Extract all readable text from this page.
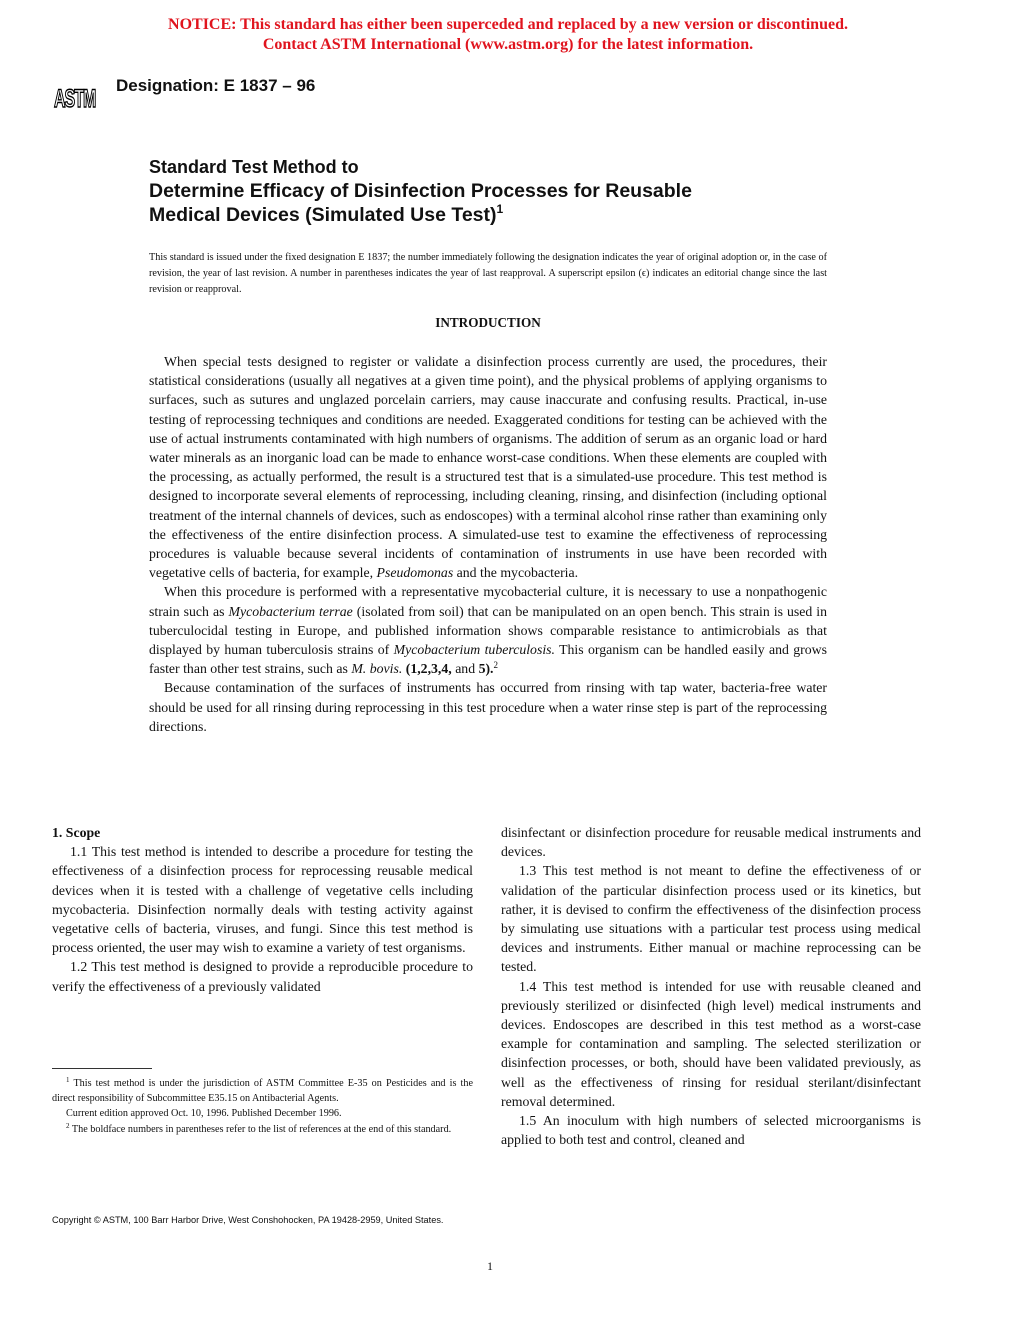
NOTICE: This standard has either been superceded and replaced by a new version or discontinued.
Contact ASTM International (www.astm.org) for the latest information.
ASTM
Designation: E 1837 – 96
Standard Test Method to
Determine Efficacy of Disinfection Processes for Reusable
Medical Devices (Simulated Use Test)$^1$
This standard is issued under the fixed designation E 1837; the number immediately following the designation indicates the year of original adoption or, in the case of revision, the year of last revision. A number in parentheses indicates the year of last reapproval. A superscript epsilon (ϵ) indicates an editorial change since the last revision or reapproval.
INTRODUCTION

When special tests designed to register or validate a disinfection process currently are used, the procedures, their statistical considerations (usually all negatives at a given time point), and the physical problems of applying organisms to surfaces, such as sutures and unglazed porcelain carriers, may cause inaccurate and confusing results. Practical, in-use testing of reprocessing techniques and conditions are needed. Exaggerated conditions for testing can be achieved with the use of actual instruments contaminated with high numbers of organisms. The addition of serum as an organic load or hard water minerals as an inorganic load can be made to enhance worst-case conditions. When these elements are coupled with the processing, as actually performed, the result is a structured test that is a simulated-use procedure. This test method is designed to incorporate several elements of reprocessing, including cleaning, rinsing, and disinfection (including optional treatment of the internal channels of devices, such as endoscopes) with a terminal alcohol rinse rather than examining only the effectiveness of the entire disinfection process. A simulated-use test to examine the effectiveness of reprocessing procedures is valuable because several incidents of contamination of instruments in use have been recorded with vegetative cells of bacteria, for example, Pseudomonas and the mycobacteria.

When this procedure is performed with a representative mycobacterial culture, it is necessary to use a nonpathogenic strain such as Mycobacterium terrae (isolated from soil) that can be manipulated on an open bench. This strain is used in tuberculocidal testing in Europe, and published information shows comparable resistance to antimicrobials as that displayed by human tuberculosis strains of Mycobacterium tuberculosis. This organism can be handled easily and grows faster than other test strains, such as M. bovis. (1,2,3,4, and 5).$^2$

Because contamination of the surfaces of instruments has occurred from rinsing with tap water, bacteria-free water should be used for all rinsing during reprocessing in this test procedure when a water rinse step is part of the reprocessing directions.

1. Scope

1.1 This test method is intended to describe a procedure for testing the effectiveness of a disinfection process for reprocessing reusable medical devices when it is tested with a challenge of vegetative cells including mycobacteria. Disinfection normally deals with testing activity against vegetative cells of bacteria, viruses, and fungi. Since this test method is process oriented, the user may wish to examine a variety of test organisms.

1.2 This test method is designed to provide a reproducible procedure to verify the effectiveness of a previously validated

$^1$ This test method is under the jurisdiction of ASTM Committee E-35 on Pesticides and is the direct responsibility of Subcommittee E35.15 on Antibacterial Agents.

Current edition approved Oct. 10, 1996. Published December 1996.

$^2$ The boldface numbers in parentheses refer to the list of references at the end of this standard.

disinfectant or disinfection procedure for reusable medical instruments and devices.

1.3 This test method is not meant to define the effectiveness of or validation of the particular disinfection process used or its kinetics, but rather, it is devised to confirm the effectiveness of the disinfection process by simulating use situations with a particular test process using medical devices and instruments. Either manual or machine reprocessing can be tested.

1.4 This test method is intended for use with reusable cleaned and previously sterilized or disinfected (high level) medical instruments and devices. Endoscopes are described in this test method as a worst-case example for contamination and sampling. The selected sterilization or disinfection processes, or both, should have been validated previously, as well as the effectiveness of rinsing for residual sterilant/disinfectant removal determined.

1.5 An inoculum with high numbers of selected microorganisms is applied to both test and control, cleaned and

Copyright © ASTM, 100 Barr Harbor Drive, West Conshohocken, PA 19428-2959, United States.
1
